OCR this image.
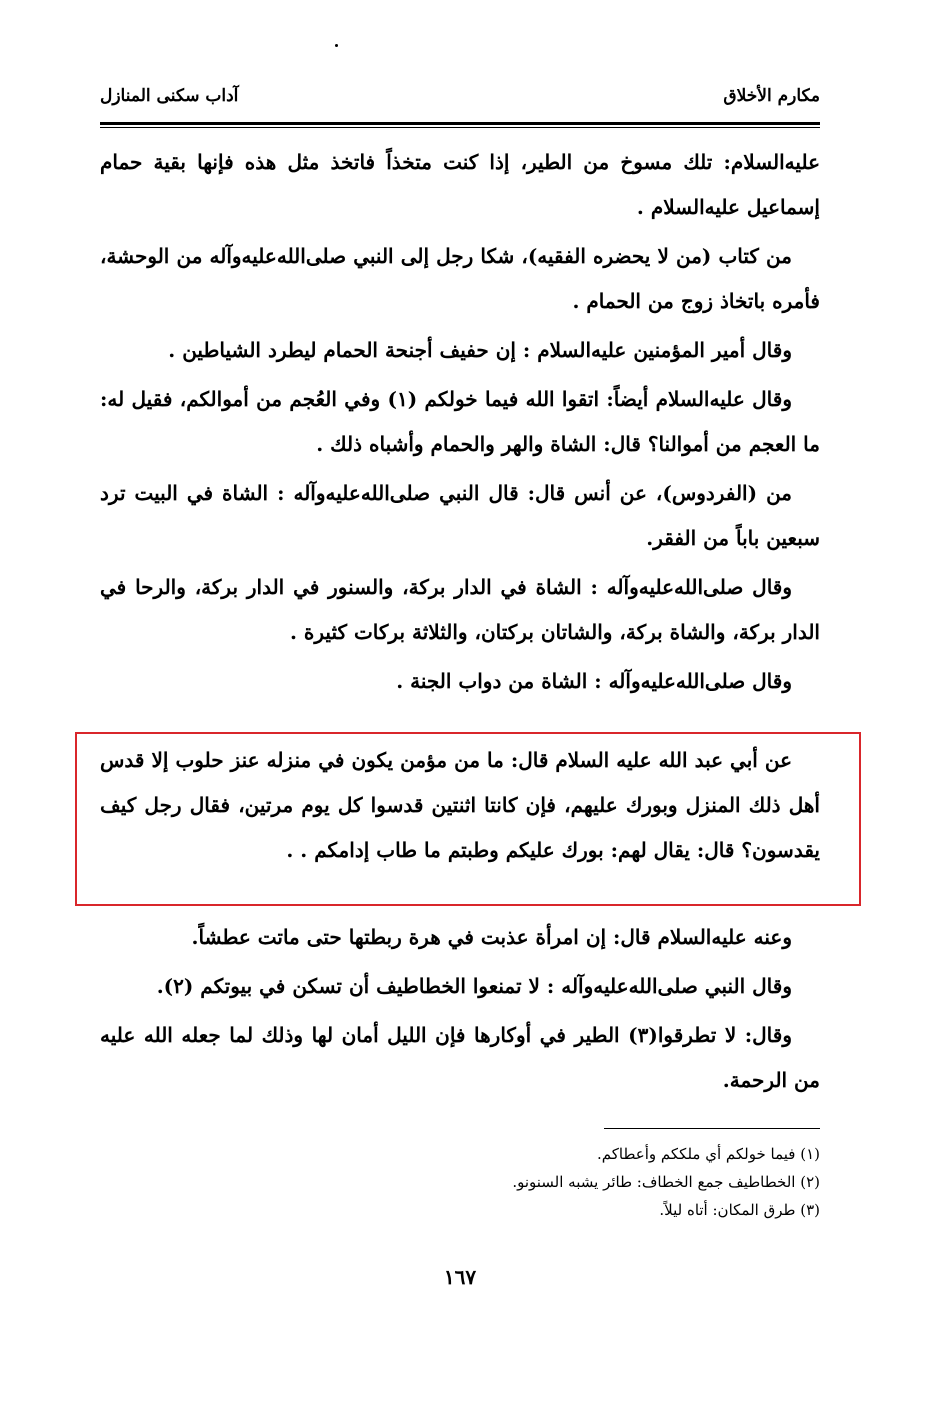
مكارم الأخلاق
آداب سكنى المنازل

عليه‌السلام: تلك مسوخ من الطير، إذا كنت متخذاً فاتخذ مثل هذه فإنها بقية حمام إسماعيل عليه‌السلام .

من كتاب (من لا يحضره الفقيه)، شكا رجل إلى النبي صلى‌الله‌عليه‌وآله من الوحشة، فأمره باتخاذ زوج من الحمام .

وقال أمير المؤمنين عليه‌السلام : إن حفيف أجنحة الحمام ليطرد الشياطين .

وقال عليه‌السلام أيضاً: اتقوا الله فيما خولكم (١) وفي العُجم من أموالكم، فقيل له: ما العجم من أموالنا؟ قال: الشاة والهر والحمام وأشباه ذلك .

من (الفردوس)، عن أنس قال: قال النبي صلى‌الله‌عليه‌وآله : الشاة في البيت ترد سبعين باباً من الفقر.

وقال صلى‌الله‌عليه‌وآله : الشاة في الدار بركة، والسنور في الدار بركة، والرحا في الدار بركة، والشاة بركة، والشاتان بركتان، والثلاثة بركات كثيرة .

وقال صلى‌الله‌عليه‌وآله : الشاة من دواب الجنة .

عن أبي عبد الله عليه السلام قال: ما من مؤمن يكون في منزله عنز حلوب إلا قدس أهل ذلك المنزل وبورك عليهم، فإن كانتا اثنتين قدسوا كل يوم مرتين، فقال رجل كيف يقدسون؟ قال: يقال لهم: بورك عليكم وطبتم ما طاب إدامكم . .

وعنه عليه‌السلام قال: إن امرأة عذبت في هرة ربطتها حتى ماتت عطشاً.

وقال النبي صلى‌الله‌عليه‌وآله : لا تمنعوا الخطاطيف أن تسكن في بيوتكم (٢).

وقال: لا تطرقوا(٣) الطير في أوكارها فإن الليل أمان لها وذلك لما جعله الله عليه من الرحمة.

(١) فيما خولكم أي ملككم وأعطاكم.

(٢) الخطاطيف جمع الخطاف: طائر يشبه السنونو.

(٣) طرق المكان: أتاه ليلاً.

١٦٧
